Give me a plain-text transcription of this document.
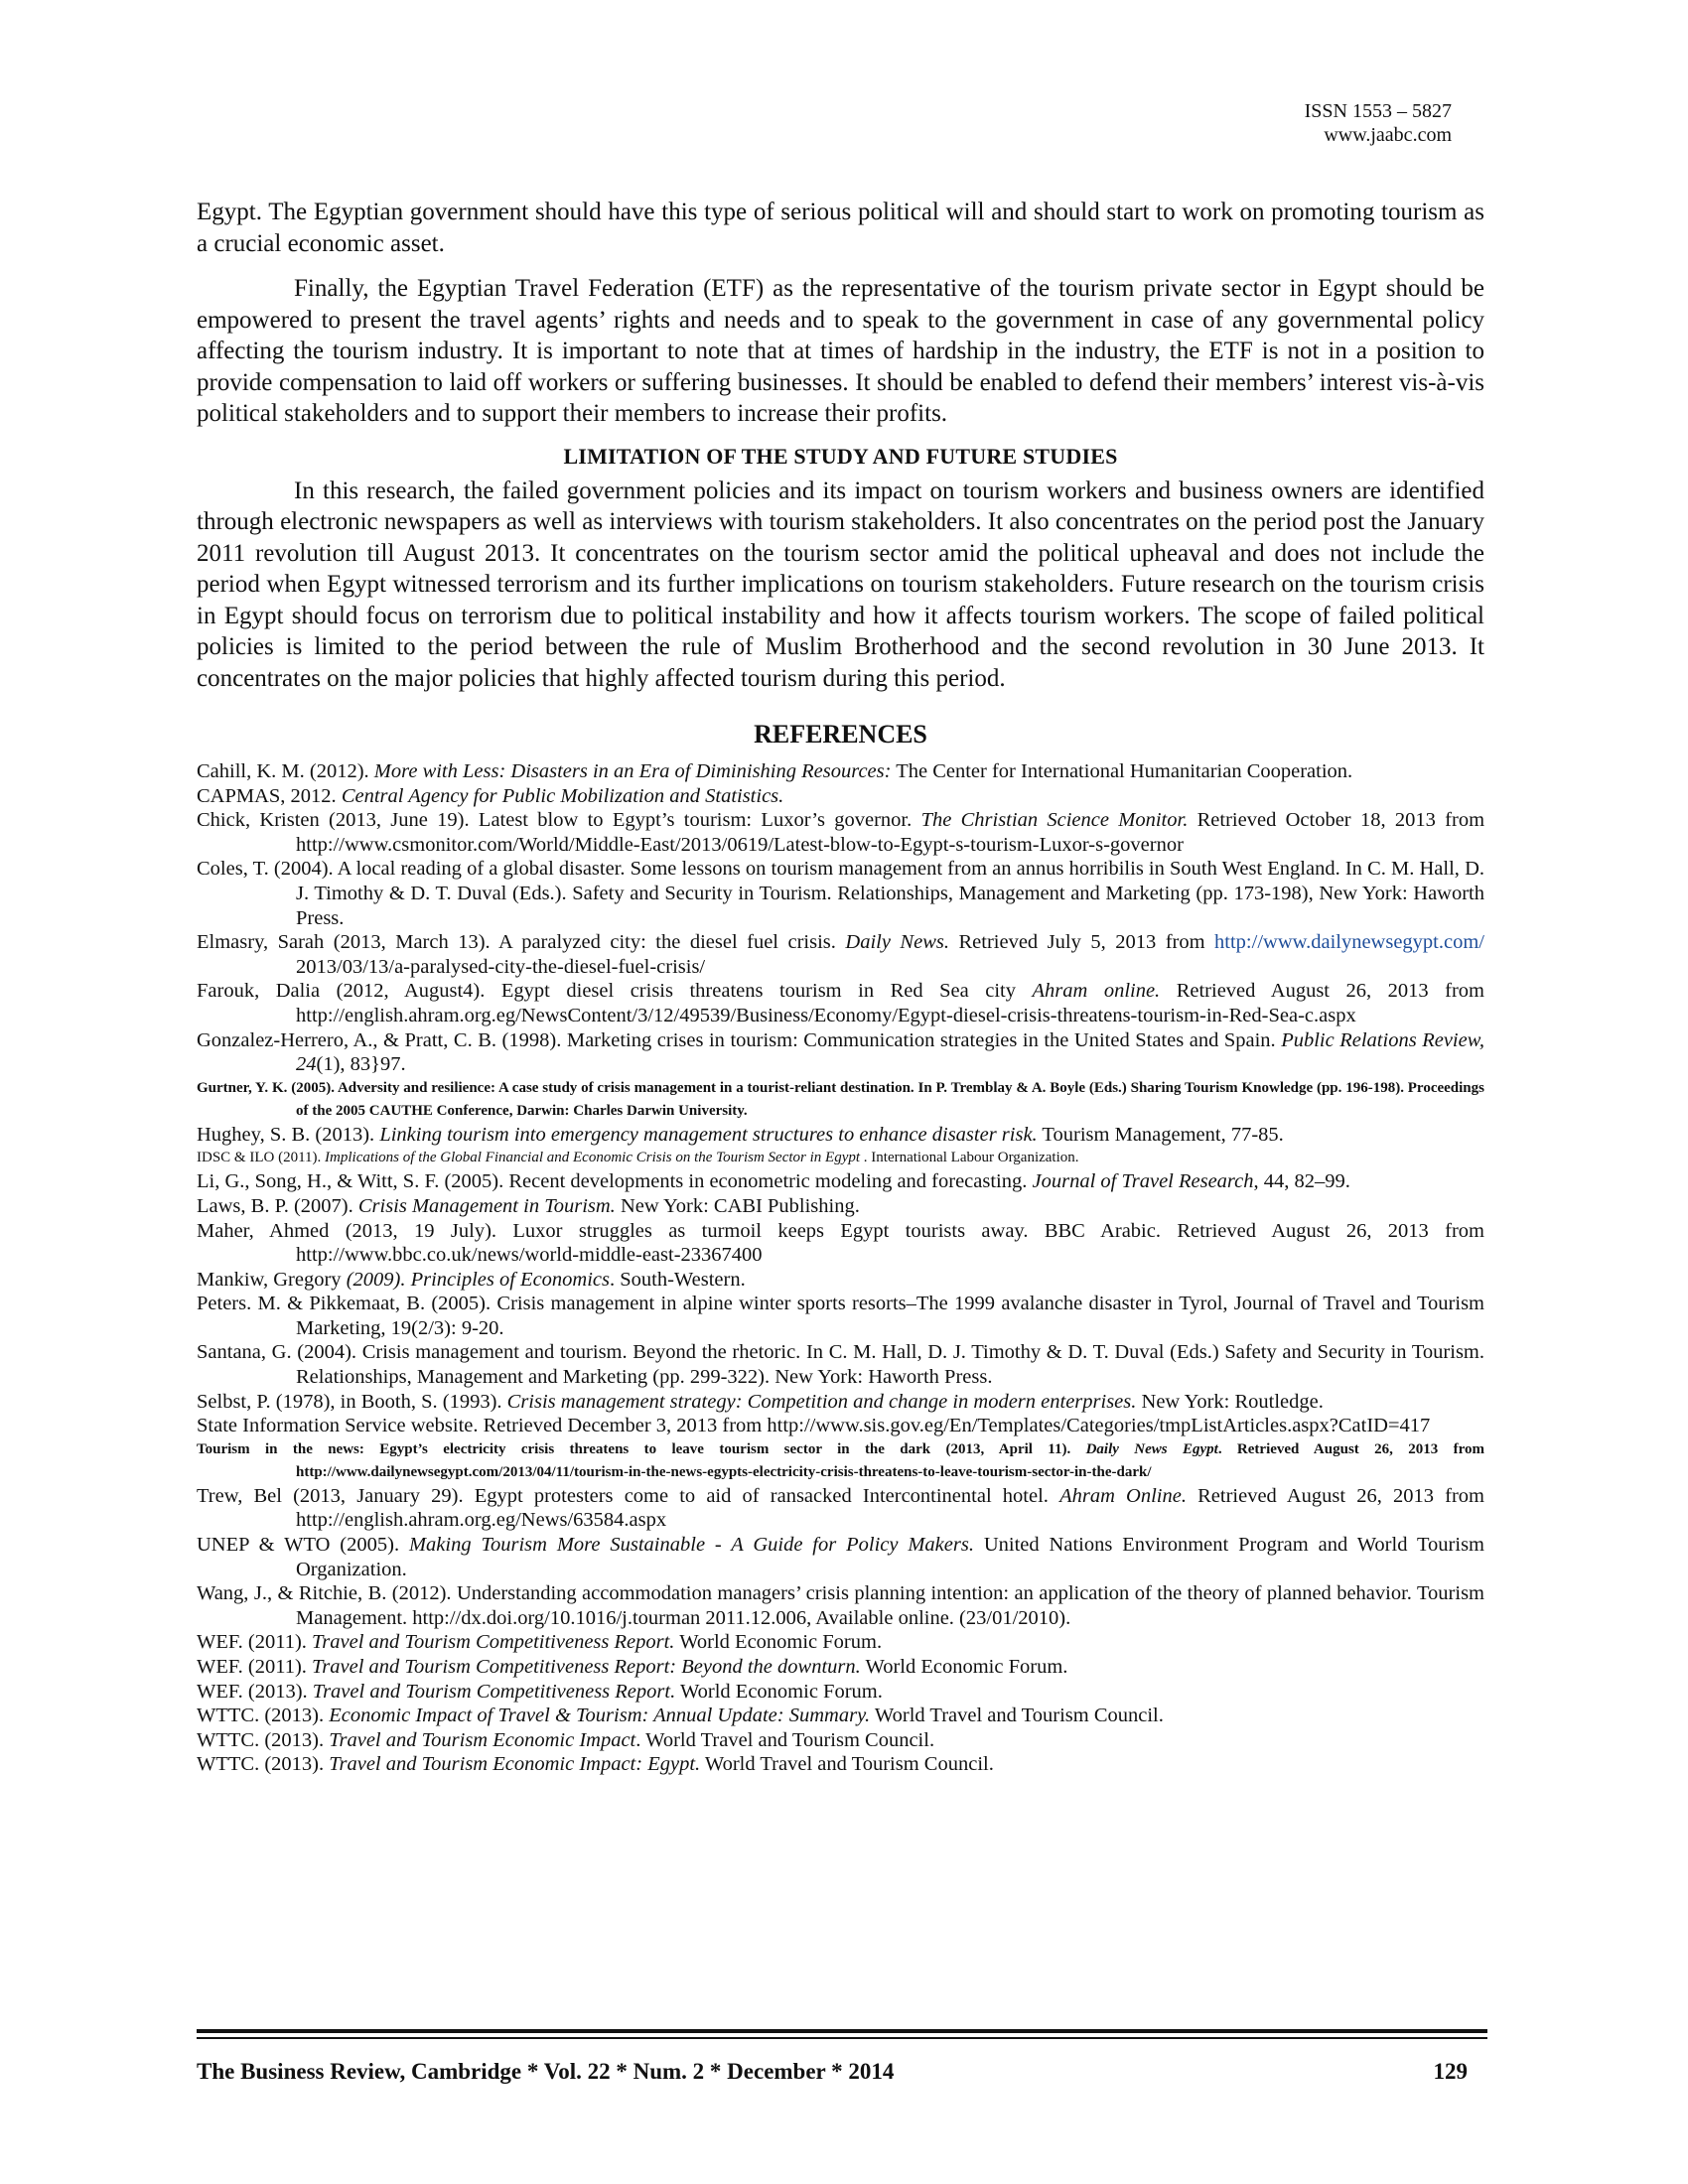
ISSN 1553 – 5827
www.jaabc.com

Egypt. The Egyptian government should have this type of serious political will and should start to work on promoting tourism as a crucial economic asset.

Finally, the Egyptian Travel Federation (ETF) as the representative of the tourism private sector in Egypt should be empowered to present the travel agents’ rights and needs and to speak to the government in case of any governmental policy affecting the tourism industry. It is important to note that at times of hardship in the industry, the ETF is not in a position to provide compensation to laid off workers or suffering businesses. It should be enabled to defend their members’ interest vis-à-vis political stakeholders and to support their members to increase their profits.

LIMITATION OF THE STUDY AND FUTURE STUDIES

In this research, the failed government policies and its impact on tourism workers and business owners are identified through electronic newspapers as well as interviews with tourism stakeholders. It also concentrates on the period post the January 2011 revolution till August 2013. It concentrates on the tourism sector amid the political upheaval and does not include the period when Egypt witnessed terrorism and its further implications on tourism stakeholders. Future research on the tourism crisis in Egypt should focus on terrorism due to political instability and how it affects tourism workers. The scope of failed political policies is limited to the period between the rule of Muslim Brotherhood and the second revolution in 30 June 2013. It concentrates on the major policies that highly affected tourism during this period.

REFERENCES

Cahill, K. M. (2012). More with Less: Disasters in an Era of Diminishing Resources: The Center for International Humanitarian Cooperation.

CAPMAS, 2012. Central Agency for Public Mobilization and Statistics.

Chick, Kristen (2013, June 19). Latest blow to Egypt’s tourism: Luxor’s governor. The Christian Science Monitor. Retrieved October 18, 2013 from http://www.csmonitor.com/World/Middle-East/2013/0619/Latest-blow-to-Egypt-s-tourism-Luxor-s-governor

Coles, T. (2004). A local reading of a global disaster. Some lessons on tourism management from an annus horribilis in South West England. In C. M. Hall, D. J. Timothy & D. T. Duval (Eds.). Safety and Security in Tourism. Relationships, Management and Marketing (pp. 173-198), New York: Haworth Press.

Elmasry, Sarah (2013, March 13). A paralyzed city: the diesel fuel crisis. Daily News. Retrieved July 5, 2013 from http://www.dailynewsegypt.com/ 2013/03/13/a-paralysed-city-the-diesel-fuel-crisis/

Farouk, Dalia (2012, August4). Egypt diesel crisis threatens tourism in Red Sea city Ahram online. Retrieved August 26, 2013 from http://english.ahram.org.eg/NewsContent/3/12/49539/Business/Economy/Egypt-diesel-crisis-threatens-tourism-in-Red-Sea-c.aspx

Gonzalez-Herrero, A., & Pratt, C. B. (1998). Marketing crises in tourism: Communication strategies in the United States and Spain. Public Relations Review, 24(1), 83}97.

Gurtner, Y. K. (2005). Adversity and resilience: A case study of crisis management in a tourist-reliant destination. In P. Tremblay & A. Boyle (Eds.) Sharing Tourism Knowledge (pp. 196-198). Proceedings of the 2005 CAUTHE Conference, Darwin: Charles Darwin University.

Hughey, S. B. (2013). Linking tourism into emergency management structures to enhance disaster risk. Tourism Management, 77-85.

IDSC & ILO (2011). Implications of the Global Financial and Economic Crisis on the Tourism Sector in Egypt . International Labour Organization.

Li, G., Song, H., & Witt, S. F. (2005). Recent developments in econometric modeling and forecasting. Journal of Travel Research, 44, 82–99.

Laws, B. P. (2007). Crisis Management in Tourism. New York: CABI Publishing.

Maher, Ahmed (2013, 19 July). Luxor struggles as turmoil keeps Egypt tourists away. BBC Arabic. Retrieved August 26, 2013 from http://www.bbc.co.uk/news/world-middle-east-23367400

Mankiw, Gregory (2009). Principles of Economics. South-Western.

Peters. M. & Pikkemaat, B. (2005). Crisis management in alpine winter sports resorts–The 1999 avalanche disaster in Tyrol, Journal of Travel and Tourism Marketing, 19(2/3): 9-20.

Santana, G. (2004). Crisis management and tourism. Beyond the rhetoric. In C. M. Hall, D. J. Timothy & D. T. Duval (Eds.) Safety and Security in Tourism. Relationships, Management and Marketing (pp. 299-322). New York: Haworth Press.

Selbst, P. (1978), in Booth, S. (1993). Crisis management strategy: Competition and change in modern enterprises. New York: Routledge.

State Information Service website. Retrieved December 3, 2013 from http://www.sis.gov.eg/En/Templates/Categories/tmpListArticles.aspx?CatID=417

Tourism in the news: Egypt’s electricity crisis threatens to leave tourism sector in the dark (2013, April 11). Daily News Egypt. Retrieved August 26, 2013 from http://www.dailynewsegypt.com/2013/04/11/tourism-in-the-news-egypts-electricity-crisis-threatens-to-leave-tourism-sector-in-the-dark/

Trew, Bel (2013, January 29). Egypt protesters come to aid of ransacked Intercontinental hotel. Ahram Online. Retrieved August 26, 2013 from http://english.ahram.org.eg/News/63584.aspx

UNEP & WTO (2005). Making Tourism More Sustainable - A Guide for Policy Makers. United Nations Environment Program and World Tourism Organization.

Wang, J., & Ritchie, B. (2012). Understanding accommodation managers’ crisis planning intention: an application of the theory of planned behavior. Tourism Management. http://dx.doi.org/10.1016/j.tourman 2011.12.006, Available online. (23/01/2010).

WEF. (2011). Travel and Tourism Competitiveness Report. World Economic Forum.

WEF. (2011). Travel and Tourism Competitiveness Report: Beyond the downturn. World Economic Forum.

WEF. (2013). Travel and Tourism Competitiveness Report. World Economic Forum.

WTTC. (2013). Economic Impact of Travel & Tourism: Annual Update: Summary. World Travel and Tourism Council.

WTTC. (2013). Travel and Tourism Economic Impact. World Travel and Tourism Council.

WTTC. (2013). Travel and Tourism Economic Impact: Egypt. World Travel and Tourism Council.

The Business Review, Cambridge * Vol. 22 * Num. 2 * December * 2014	129
